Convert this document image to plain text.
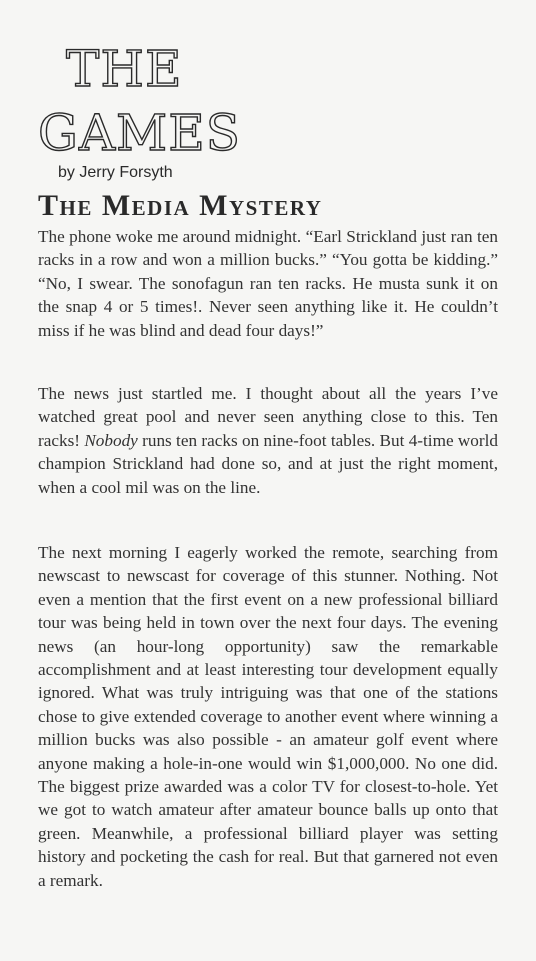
THE
GAMES
by Jerry Forsyth
The Media Mystery

The phone woke me around midnight. “Earl Strickland just ran ten racks in a row and won a million bucks.” “You gotta be kidding.” “No, I swear. The sonofagun ran ten racks. He musta sunk it on the snap 4 or 5 times!. Never seen anything like it. He couldn’t miss if he was blind and dead four days!”

The news just startled me. I thought about all the years I’ve watched great pool and never seen anything close to this. Ten racks! Nobody runs ten racks on nine-foot tables. But 4-time world champion Strickland had done so, and at just the right moment, when a cool mil was on the line.

The next morning I eagerly worked the remote, searching from newscast to newscast for coverage of this stunner. Nothing. Not even a mention that the first event on a new professional billiard tour was being held in town over the next four days. The evening news (an hour-long opportunity) saw the remarkable accomplishment and at least interesting tour development equally ignored. What was truly intriguing was that one of the stations chose to give extended coverage to another event where winning a million bucks was also possible - an amateur golf event where anyone making a hole-in-one would win $1,000,000. No one did. The biggest prize awarded was a color TV for closest-to-hole. Yet we got to watch amateur after amateur bounce balls up onto that green. Meanwhile, a professional billiard player was setting history and pocketing the cash for real. But that garnered not even a remark.
